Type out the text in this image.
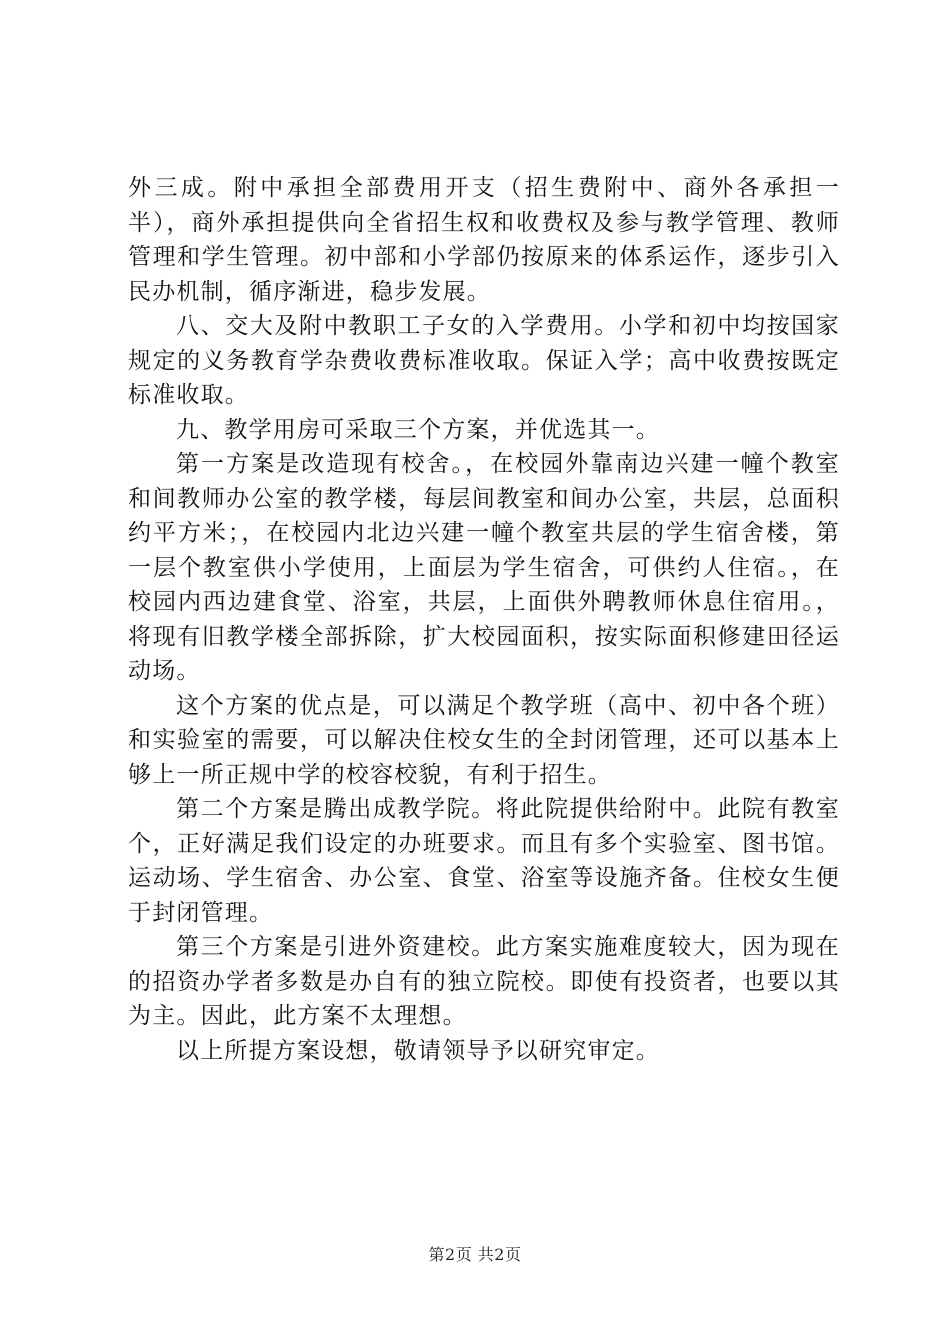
外三成。附中承担全部费用开支（招生费附中、商外各承担一半），商外承担提供向全省招生权和收费权及参与教学管理、教师管理和学生管理。初中部和小学部仍按原来的体系运作，逐步引入民办机制，循序渐进，稳步发展。

八、交大及附中教职工子女的入学费用。小学和初中均按国家规定的义务教育学杂费收费标准收取。保证入学；高中收费按既定标准收取。

九、教学用房可采取三个方案，并优选其一。

第一方案是改造现有校舍。，在校园外靠南边兴建一幢个教室和间教师办公室的教学楼，每层间教室和间办公室，共层，总面积约平方米；，在校园内北边兴建一幢个教室共层的学生宿舍楼，第一层个教室供小学使用，上面层为学生宿舍，可供约人住宿。，在校园内西边建食堂、浴室，共层，上面供外聘教师休息住宿用。，将现有旧教学楼全部拆除，扩大校园面积，按实际面积修建田径运动场。

这个方案的优点是，可以满足个教学班（高中、初中各个班）和实验室的需要，可以解决住校女生的全封闭管理，还可以基本上够上一所正规中学的校容校貌，有利于招生。

第二个方案是腾出成教学院。将此院提供给附中。此院有教室个，正好满足我们设定的办班要求。而且有多个实验室、图书馆。运动场、学生宿舍、办公室、食堂、浴室等设施齐备。住校女生便于封闭管理。

第三个方案是引进外资建校。此方案实施难度较大，因为现在的招资办学者多数是办自有的独立院校。即使有投资者，也要以其为主。因此，此方案不太理想。

以上所提方案设想，敬请领导予以研究审定。

第2页 共2页
